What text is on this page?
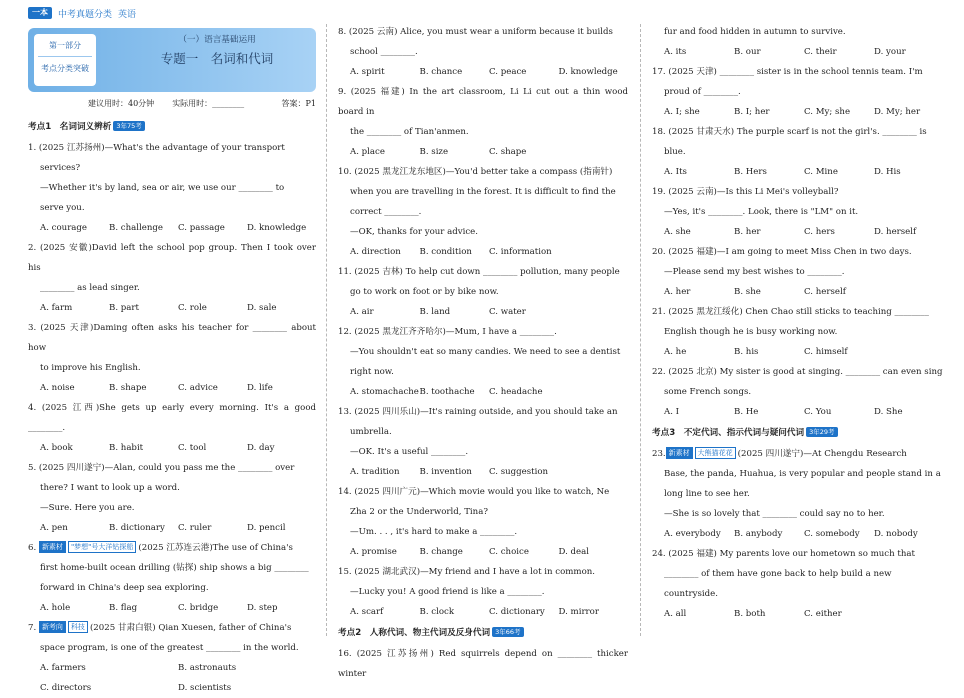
一本	中考真题分类 英语
第一部分
考点分类突破
（一）语言基础运用
专题一　名词和代词
建议用时：40分钟 实际用时：________	答案：P1
考点1　名词词义辨析 3年75考
1. (2025 江苏扬州)—What's the advantage of your transport
services?
—Whether it's by land, sea or air, we use our ________ to
serve you.
A. courage	B. challenge	C. passage	D. knowledge
2. (2025 安徽)David left the school pop group. Then I took over his
________ as lead singer.
A. farm	B. part	C. role	D. sale
3. (2025 天津)Daming often asks his teacher for ________ about how
to improve his English.
A. noise	B. shape	C. advice	D. life
4. (2025 江西)She gets up early every morning. It's a good ________.
A. book	B. habit	C. tool	D. day
5. (2025 四川遂宁)—Alan, could you pass me the ________ over
there? I want to look up a word.
—Sure. Here you are.
A. pen	B. dictionary	C. ruler	D. pencil
6. 新素材 "梦想"号大洋钻探船 (2025 江苏连云港)The use of China's
first home-built ocean drilling (钻探) ship shows a big ________
forward in China's deep sea exploring.
A. hole	B. flag	C. bridge	D. step
7. 新考向 科技 (2025 甘肃白银) Qian Xuesen, father of China's
space program, is one of the greatest ________ in the world.
A. farmers	B. astronauts
C. directors	D. scientists
8. (2025 云南) Alice, you must wear a uniform because it builds
school ________.
A. spirit	B. chance	C. peace	D. knowledge
9. (2025 福建) In the art classroom, Li Li cut out a thin wood board in
the ________ of Tian'anmen.
A. place	B. size	C. shape
10. (2025 黑龙江龙东地区)—You'd better take a compass (指南针)
when you are travelling in the forest. It is difficult to find the
correct ________.
—OK, thanks for your advice.
A. direction	B. condition	C. information
11. (2025 吉林) To help cut down ________ pollution, many people
go to work on foot or by bike now.
A. air	B. land	C. water
12. (2025 黑龙江齐齐哈尔)—Mum, I have a ________.
—You shouldn't eat so many candies. We need to see a dentist
right now.
A. stomachache B. toothache	C. headache
13. (2025 四川乐山)—It's raining outside, and you should take an
umbrella.
—OK. It's a useful ________.
A. tradition	B. invention	C. suggestion
14. (2025 四川广元)—Which movie would you like to watch, Ne
Zha 2 or the Underworld, Tina?
—Um. . . , it's hard to make a ________.
A. promise	B. change	C. choice	D. deal
15. (2025 湖北武汉)—My friend and I have a lot in common.
—Lucky you! A good friend is like a ________.
A. scarf	B. clock	C. dictionary	D. mirror
考点2　人称代词、物主代词及反身代词 3年66考
16. (2025 江苏扬州) Red squirrels depend on ________ thicker winter
fur and food hidden in autumn to survive.
A. its	B. our	C. their	D. your
17. (2025 天津) ________ sister is in the school tennis team. I'm
proud of ________.
A. I; she	B. I; her	C. My; she	D. My; her
18. (2025 甘肃天水) The purple scarf is not the girl's. ________ is
blue.
A. Its	B. Hers	C. Mine	D. His
19. (2025 云南)—Is this Li Mei's volleyball?
—Yes, it's ________. Look, there is "LM" on it.
A. she	B. her	C. hers	D. herself
20. (2025 福建)—I am going to meet Miss Chen in two days.
—Please send my best wishes to ________.
A. her	B. she	C. herself
21. (2025 黑龙江绥化) Chen Chao still sticks to teaching ________
English though he is busy working now.
A. he	B. his	C. himself
22. (2025 北京) My sister is good at singing. ________ can even sing
some French songs.
A. I	B. He	C. You	D. She
考点3　不定代词、指示代词与疑问代词 3年29考
23. 新素材 大熊猫花花 (2025 四川遂宁)—At Chengdu Research
Base, the panda, Huahua, is very popular and people stand in a
long line to see her.
—She is so lovely that ________ could say no to her.
A. everybody	B. anybody	C. somebody	D. nobody
24. (2025 福建) My parents love our hometown so much that
________ of them have gone back to help build a new
countryside.
A. all	B. both	C. either
